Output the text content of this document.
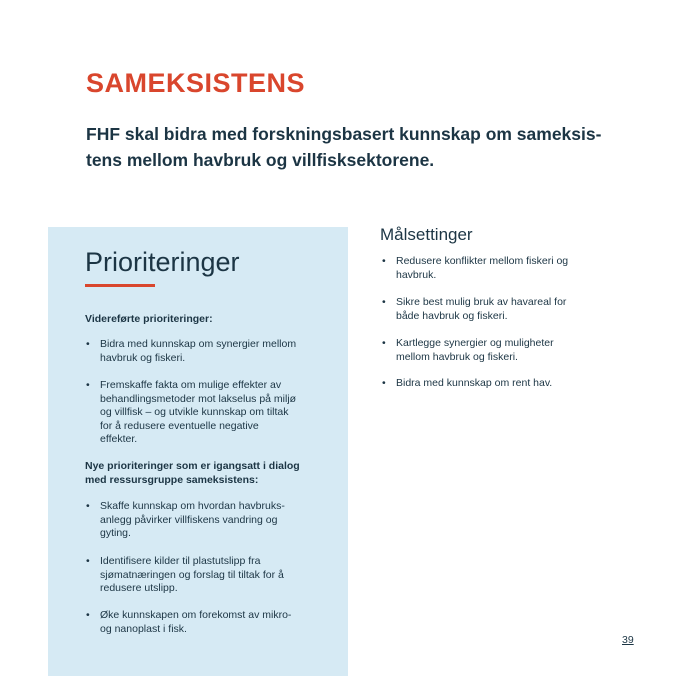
SAMEKSISTENS

FHF skal bidra med forskningsbasert kunnskap om sameksis-
tens mellom havbruk og villfisksektorene.

Prioriteringer

Videreførte prioriteringer:

• Bidra med kunnskap om synergier mellom
havbruk og fiskeri.
• Fremskaffe fakta om mulige effekter av
behandlingsmetoder mot lakselus på miljø
og villfisk – og utvikle kunnskap om tiltak
for å redusere eventuelle negative
effekter.

Nye prioriteringer som er igangsatt i dialog
med ressursgruppe sameksistens:

• Skaffe kunnskap om hvordan havbruks-
anlegg påvirker villfiskens vandring og
gyting.
• Identifisere kilder til plastutslipp fra
sjømatnæringen og forslag til tiltak for å
redusere utslipp.
• Øke kunnskapen om forekomst av mikro-
og nanoplast i fisk.
Målsettinger
• Redusere konflikter mellom fiskeri og
havbruk.
• Sikre best mulig bruk av havareal for
både havbruk og fiskeri.
• Kartlegge synergier og muligheter
mellom havbruk og fiskeri.
• Bidra med kunnskap om rent hav.

39
